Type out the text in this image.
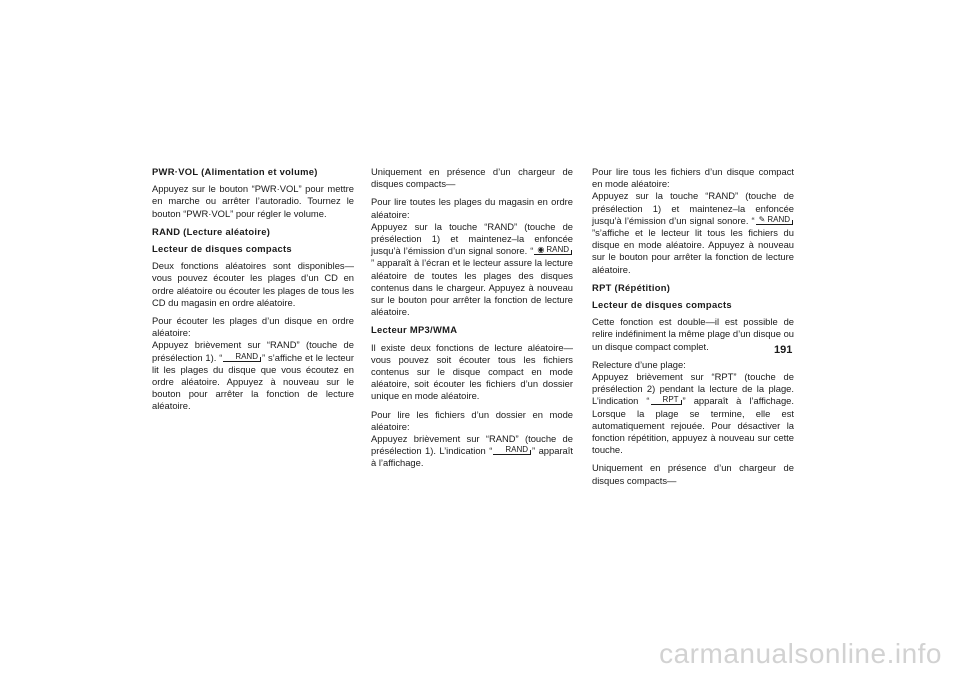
PWR·VOL (Alimentation et volume)

Appuyez sur le bouton “PWR·VOL” pour mettre en marche ou arrêter l’autoradio. Tournez le bouton “PWR·VOL” pour régler le volume.

RAND (Lecture aléatoire)
Lecteur de disques compacts

Deux fonctions aléatoires sont disponibles—vous pouvez écouter les plages d’un CD en ordre aléatoire ou écouter les plages de tous les CD du magasin en ordre aléatoire.

Pour écouter les plages d’un disque en ordre aléatoire:
Appuyez brièvement sur “RAND” (touche de présélection 1). “ RAND ” s’affiche et le lecteur lit les plages du disque que vous écoutez en ordre aléatoire. Appuyez à nouveau sur le bouton pour arrêter la fonction de lecture aléatoire.

Uniquement en présence d’un chargeur de disques compacts—

Pour lire toutes les plages du magasin en ordre aléatoire:
Appuyez sur la touche “RAND” (touche de présélection 1) et maintenez–la enfoncée jusqu’à l’émission d’un signal sonore. “ ◉ RAND” apparaît à l’écran et le lecteur assure la lecture aléatoire de toutes les plages des disques contenus dans le chargeur. Appuyez à nouveau sur le bouton pour arrêter la fonction de lecture aléatoire.

Lecteur MP3/WMA

Il existe deux fonctions de lecture aléatoire—vous pouvez soit écouter tous les fichiers contenus sur le disque compact en mode aléatoire, soit écouter les fichiers d’un dossier unique en mode aléatoire.

Pour lire les fichiers d’un dossier en mode aléatoire:
Appuyez brièvement sur “RAND” (touche de présélection 1). L’indication “ RAND ” apparaît à l’affichage.

Pour lire tous les fichiers d’un disque compact en mode aléatoire:
Appuyez sur la touche “RAND” (touche de présélection 1) et maintenez–la enfoncée jusqu’à l’émission d’un signal sonore. “ ✎ RAND”s’affiche et le lecteur lit tous les fichiers du disque en mode aléatoire. Appuyez à nouveau sur le bouton pour arrêter la fonction de lecture aléatoire.

RPT (Répétition)
Lecteur de disques compacts

Cette fonction est double—il est possible de relire indéfiniment la même plage d’un disque ou un disque compact complet.

Relecture d’une plage:
Appuyez brièvement sur “RPT” (touche de présélection 2) pendant la lecture de la plage. L’indication “ RPT ” apparaît à l’affichage. Lorsque la plage se termine, elle est automatiquement rejouée. Pour désactiver la fonction répétition, appuyez à nouveau sur cette touche.

Uniquement en présence d’un chargeur de disques compacts—

191
carmanualsonline.info
